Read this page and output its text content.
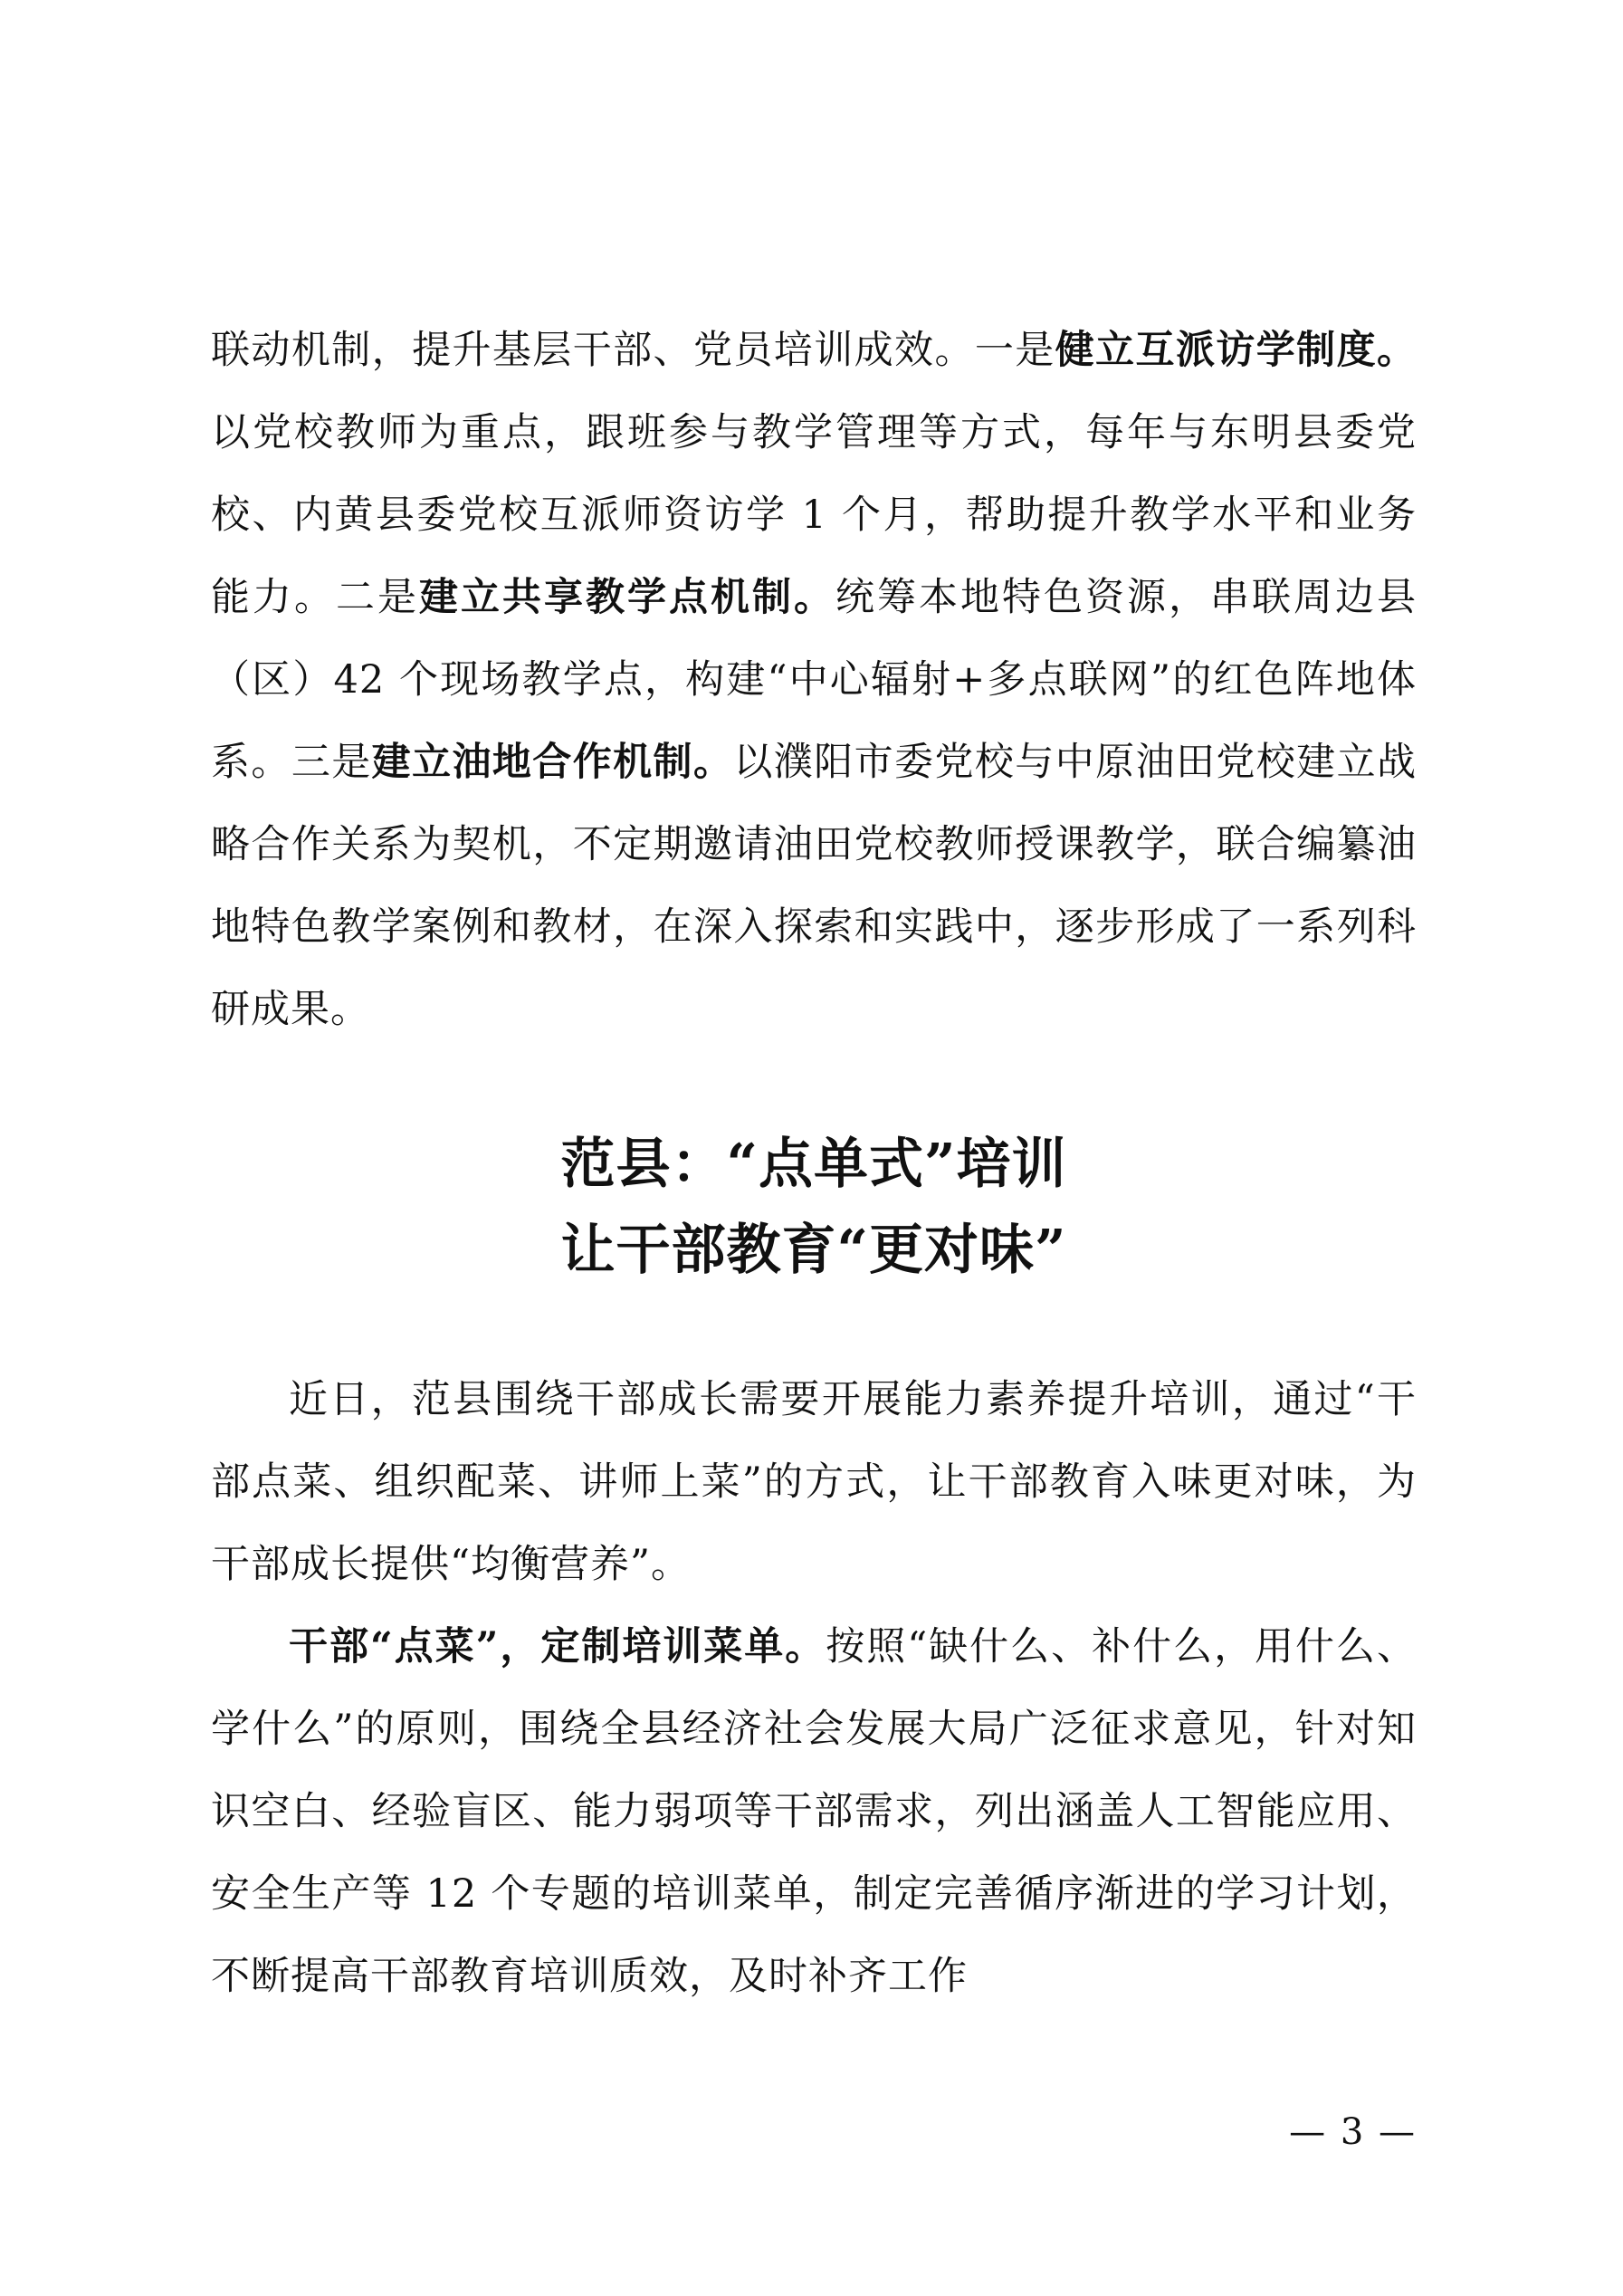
联动机制，提升基层干部、党员培训成效。一是健立互派访学制度。以党校教师为重点，跟班参与教学管理等方式，每年与东明县委党校、内黄县委党校互派师资访学 1 个月，帮助提升教学水平和业务能力。二是建立共享教学点机制。统筹本地特色资源，串联周边县（区）42 个现场教学点，构建“中心辐射+多点联网”的红色阵地体系。三是建立油地合作机制。以濮阳市委党校与中原油田党校建立战略合作关系为契机，不定期邀请油田党校教师授课教学，联合编纂油地特色教学案例和教材，在深入探索和实践中，逐步形成了一系列科研成果。

范县：“点单式”培训
让干部教育“更对味”

近日，范县围绕干部成长需要开展能力素养提升培训，通过“干部点菜、组织配菜、讲师上菜”的方式，让干部教育入味更对味，为干部成长提供“均衡营养”。

干部“点菜”，定制培训菜单。按照“缺什么、补什么，用什么、学什么”的原则，围绕全县经济社会发展大局广泛征求意见，针对知识空白、经验盲区、能力弱项等干部需求，列出涵盖人工智能应用、安全生产等 12 个专题的培训菜单，制定完善循序渐进的学习计划，不断提高干部教育培训质效，及时补齐工作

— 3 —
